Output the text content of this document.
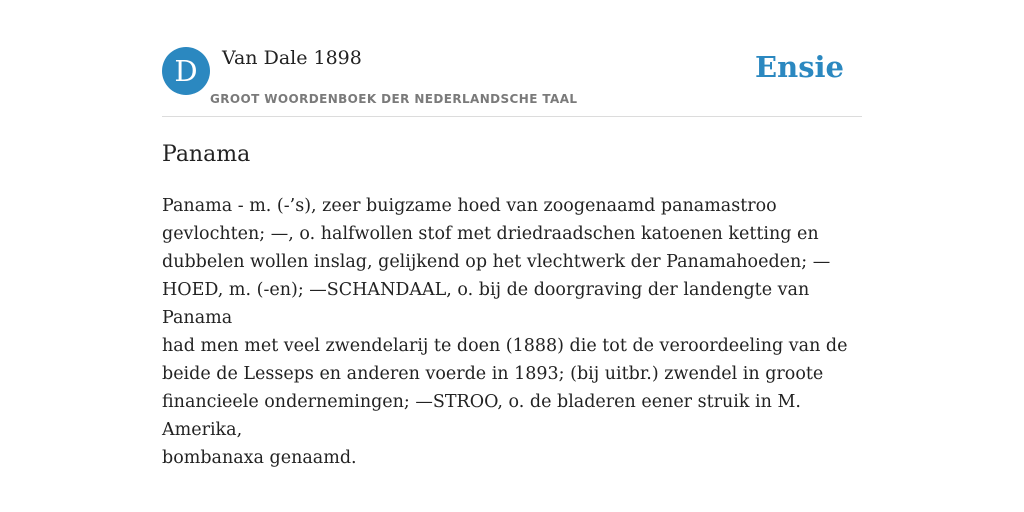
D	Van Dale 1898
GROOT WOORDENBOEK DER NEDERLANDSCHE TAAL
Ensie
Panama

Panama - m. (-’s), zeer buigzame hoed van zoogenaamd panamastroo
gevlochten; —, o. halfwollen stof met driedraadschen katoenen ketting en
dubbelen wollen inslag, gelijkend op het vlechtwerk der Panamahoeden; —
HOED, m. (-en); —SCHANDAAL, o. bij de doorgraving der landengte van Panama
had men met veel zwendelarij te doen (1888) die tot de veroordeeling van de
beide de Lesseps en anderen voerde in 1893; (bij uitbr.) zwendel in groote
financieele ondernemingen; —STROO, o. de bladeren eener struik in M. Amerika,
bombanaxa genaamd.
